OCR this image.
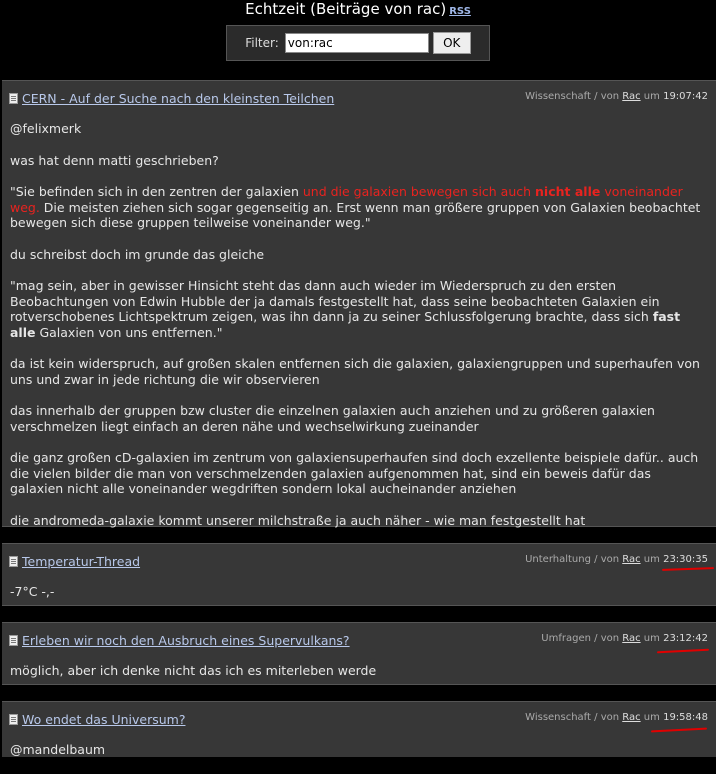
Echtzeit (Beiträge von rac) RSS
Filter:
von:rac	OK
CERN - Auf der Suche nach den kleinsten Teilchen	Wissenschaft / von Rac um 19:07:42

@felixmerk

was hat denn matti geschrieben?

"Sie befinden sich in den zentren der galaxien und die galaxien bewegen sich auch nicht alle voneinander weg. Die meisten ziehen sich sogar gegenseitig an. Erst wenn man größere gruppen von Galaxien beobachtet bewegen sich diese gruppen teilweise voneinander weg."

du schreibst doch im grunde das gleiche

"mag sein, aber in gewisser Hinsicht steht das dann auch wieder im Wiederspruch zu den ersten Beobachtungen von Edwin Hubble der ja damals festgestellt hat, dass seine beobachteten Galaxien ein rotverschobenes Lichtspektrum zeigen, was ihn dann ja zu seiner Schlussfolgerung brachte, dass sich fast alle Galaxien von uns entfernen."

da ist kein widerspruch, auf großen skalen entfernen sich die galaxien, galaxiengruppen und superhaufen von uns und zwar in jede richtung die wir observieren

das innerhalb der gruppen bzw cluster die einzelnen galaxien auch anziehen und zu größeren galaxien verschmelzen liegt einfach an deren nähe und wechselwirkung zueinander

die ganz großen cD-galaxien im zentrum von galaxiensuperhaufen sind doch exzellente beispiele dafür.. auch die vielen bilder die man von verschmelzenden galaxien aufgenommen hat, sind ein beweis dafür das galaxien nicht alle voneinander wegdriften sondern lokal aucheinander anziehen

die andromeda-galaxie kommt unserer milchstraße ja auch näher - wie man festgestellt hat

Temperatur-Thread	Unterhaltung / von Rac um 23:30:35

-7°C -,-

Erleben wir noch den Ausbruch eines Supervulkans?	Umfragen / von Rac um 23:12:42

möglich, aber ich denke nicht das ich es miterleben werde

Wo endet das Universum?	Wissenschaft / von Rac um 19:58:48

@mandelbaum
